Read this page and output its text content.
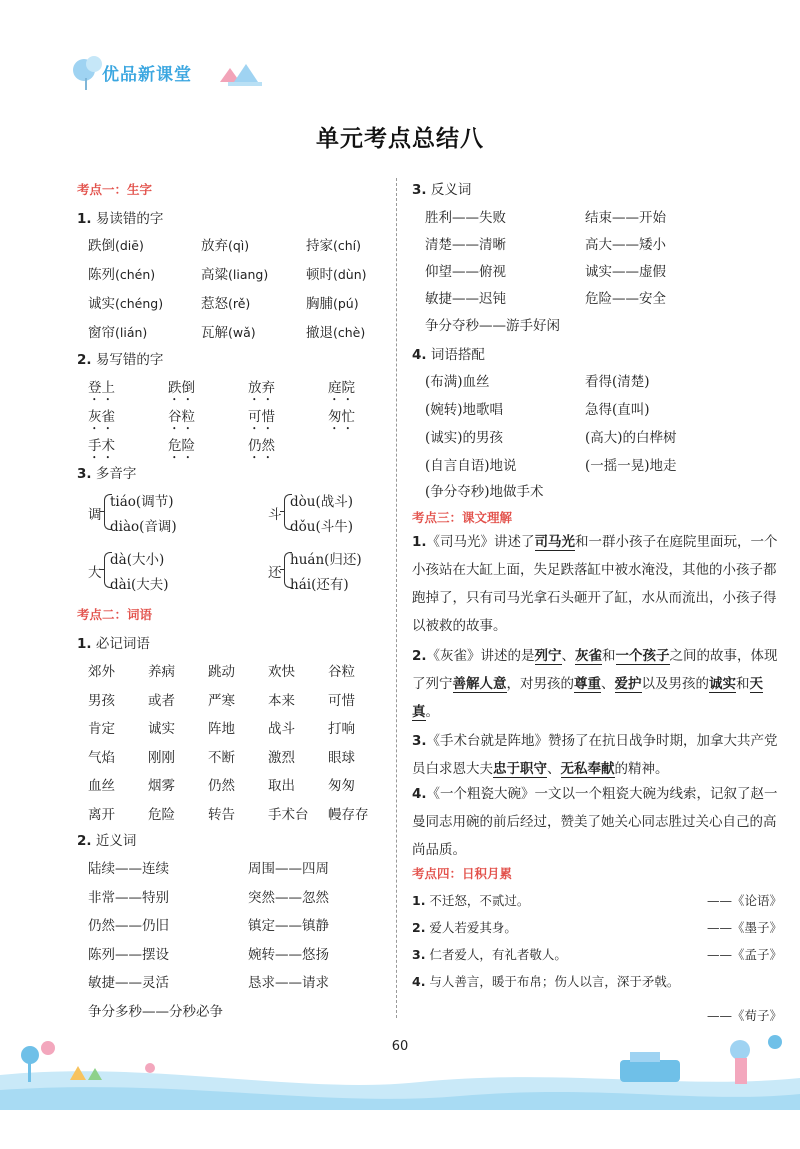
优品新课堂
单元考点总结八
考点一：生字
1. 易读错的字
跌倒(diē)	放弃(qì)	持家(chí)
陈列(chén)	高粱(liang)	顿时(dùn)
诚实(chéng)	惹怒(rě)	胸脯(pú)
窗帘(lián)	瓦解(wǎ)	撤退(chè)
2. 易写错的字
登上	跌倒	放弃	庭院
灰雀	谷粒	可惜	匆忙
手术	危险	仍然
3. 多音字
调
tiáo(调节)
diào(音调)
斗
dòu(战斗)
dǒu(斗牛)
大
dà(大小)
dài(大夫)
还
huán(归还)
hái(还有)
考点二：词语
1. 必记词语
郊外 养病 跳动 欢快 谷粒
男孩 或者 严寒 本来 可惜
肯定 诚实 阵地 战斗 打响
气焰 刚刚 不断 激烈 眼球
血丝 烟雾 仍然 取出 匆匆
离开 危险 转告 手术台 幔存存
2. 近义词
陆续——连续	周围——四周
非常——特别	突然——忽然
仍然——仍旧	镇定——镇静
陈列——摆设	婉转——悠扬
敏捷——灵活	恳求——请求
争分多秒——分秒必争
3. 反义词
胜利——失败	结束——开始
清楚——清晰	高大——矮小
仰望——俯视	诚实——虚假
敏捷——迟钝	危险——安全
争分夺秒——游手好闲
4. 词语搭配
(布满)血丝	看得(清楚)
(婉转)地歌唱	急得(直叫)
(诚实)的男孩	(高大)的白桦树
(自言自语)地说	(一摇一晃)地走
(争分夺秒)地做手术
考点三：课文理解
1.《司马光》讲述了司马光和一群小孩子在庭院里面玩，一个小孩站在大缸上面，失足跌落缸中被水淹没，其他的小孩子都跑掉了，只有司马光拿石头砸开了缸，水从而流出，小孩子得以被救的故事。
2.《灰雀》讲述的是列宁、灰雀和一个孩子之间的故事，体现了列宁善解人意，对男孩的尊重、爱护以及男孩的诚实和天真。
3.《手术台就是阵地》赞扬了在抗日战争时期，加拿大共产党员白求恩大夫忠于职守、无私奉献的精神。
4.《一个粗瓷大碗》一文以一个粗瓷大碗为线索，记叙了赵一曼同志用碗的前后经过，赞美了她关心同志胜过关心自己的高尚品质。
考点四：日积月累
1. 不迁怒，不贰过。	——《论语》
2. 爱人若爱其身。	——《墨子》
3. 仁者爱人，有礼者敬人。	——《孟子》
4. 与人善言，暖于布帛；伤人以言，深于矛戟。
——《荀子》
60
